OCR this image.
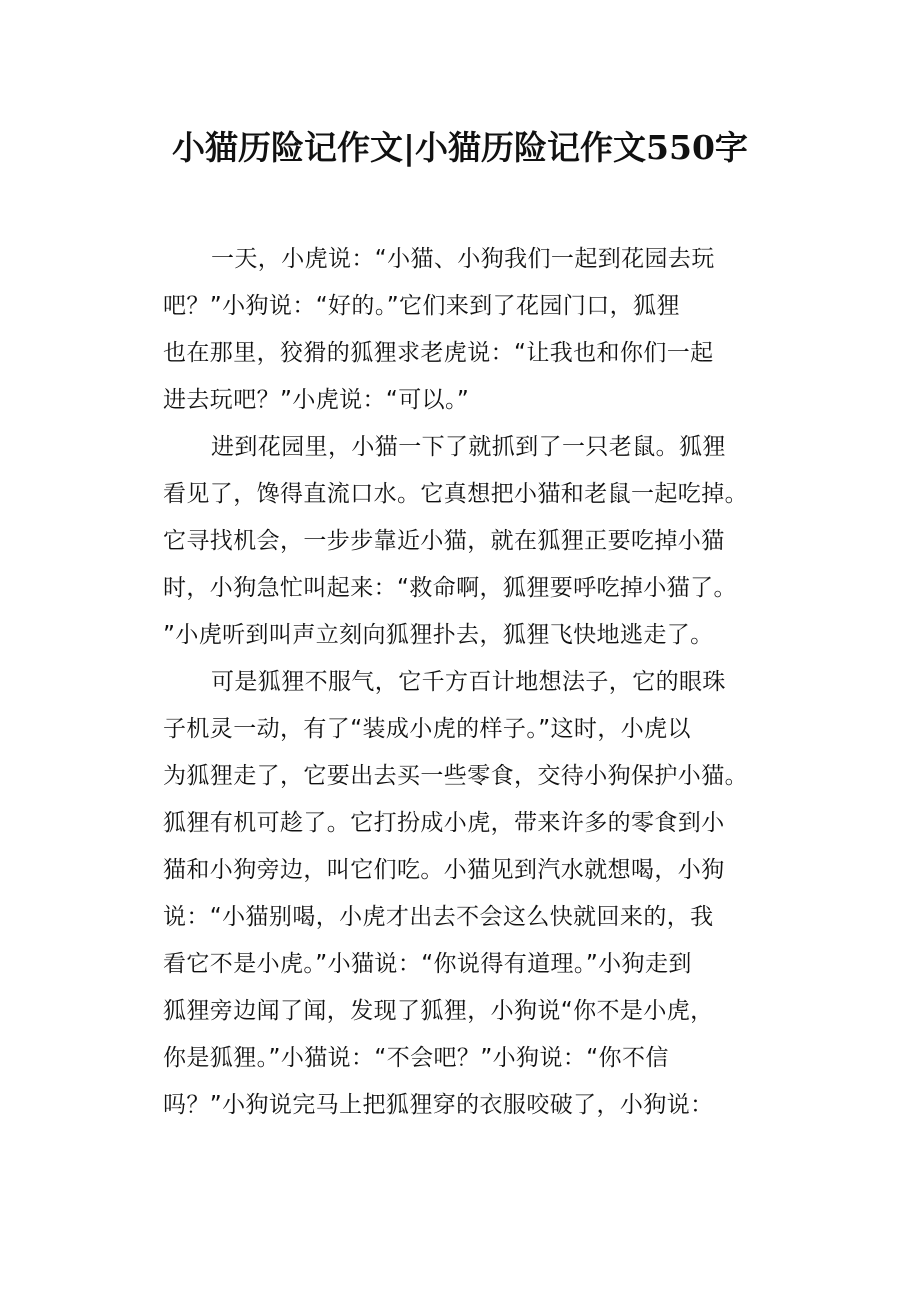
小猫历险记作文|小猫历险记作文550字
一天，小虎说：“小猫、小狗我们一起到花园去玩
吧？”小狗说：“好的。”它们来到了花园门口，狐狸
也在那里，狡猾的狐狸求老虎说：“让我也和你们一起
进去玩吧？”小虎说：“可以。”
进到花园里，小猫一下了就抓到了一只老鼠。狐狸
看见了，馋得直流口水。它真想把小猫和老鼠一起吃掉。
它寻找机会，一步步靠近小猫，就在狐狸正要吃掉小猫
时，小狗急忙叫起来：“救命啊，狐狸要呼吃掉小猫了。
”小虎听到叫声立刻向狐狸扑去，狐狸飞快地逃走了。
可是狐狸不服气，它千方百计地想法子，它的眼珠
子机灵一动，有了“装成小虎的样子。”这时，小虎以
为狐狸走了，它要出去买一些零食，交待小狗保护小猫。
狐狸有机可趁了。它打扮成小虎，带来许多的零食到小
猫和小狗旁边，叫它们吃。小猫见到汽水就想喝，小狗
说：“小猫别喝，小虎才出去不会这么快就回来的，我
看它不是小虎。”小猫说：“你说得有道理。”小狗走到
狐狸旁边闻了闻，发现了狐狸，小狗说“你不是小虎，
你是狐狸。”小猫说：“不会吧？”小狗说：“你不信
吗？”小狗说完马上把狐狸穿的衣服咬破了，小狗说：
